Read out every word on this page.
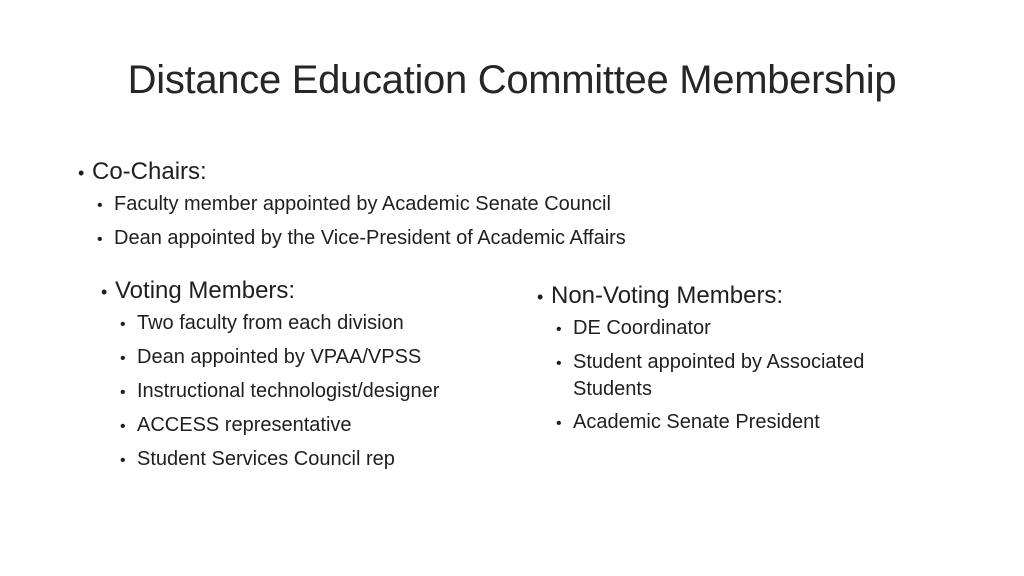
Distance Education Committee Membership
• Co-Chairs:
• Faculty member appointed by Academic Senate Council
• Dean appointed by the Vice-President of Academic Affairs
• Voting Members:
• Two faculty from each division
• Dean appointed by VPAA/VPSS
• Instructional technologist/designer
• ACCESS representative
• Student Services Council rep
• Non-Voting Members:
• DE Coordinator
• Student appointed by Associated Students
• Academic Senate President
